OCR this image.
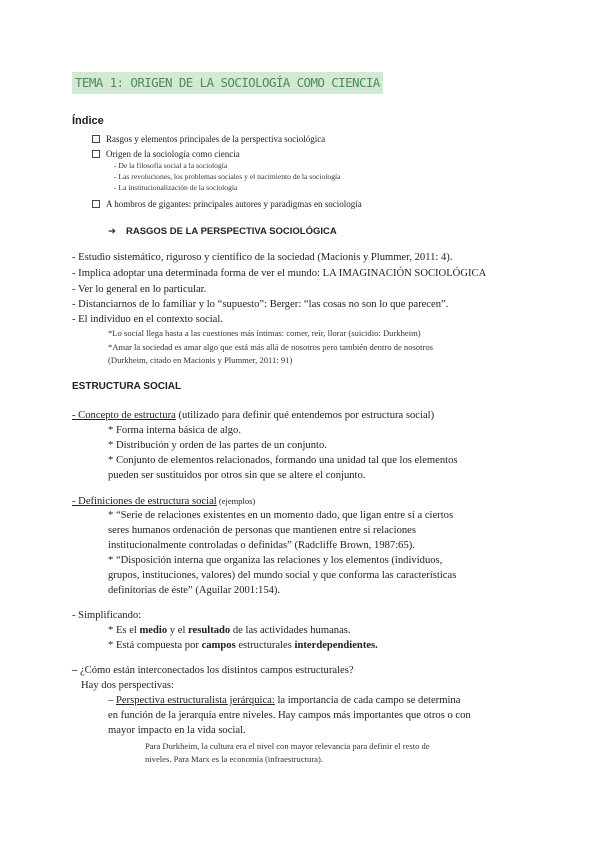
TEMA 1: ORIGEN DE LA SOCIOLOGÍA COMO CIENCIA
Índice
Rasgos y elementos principales de la perspectiva sociológica
Origen de la sociología como ciencia
- De la filosofía social a la sociología
- Las revoluciones, los problemas sociales y el nacimiento de la sociología
- La institucionalización de la sociología
A hombros de gigantes: principales autores y paradigmas en sociología
➔ RASGOS DE LA PERSPECTIVA SOCIOLÓGICA
- Estudio sistemático, riguroso y científico de la sociedad (Macionis y Plummer, 2011: 4).
- Implica adoptar una determinada forma de ver el mundo: LA IMAGINACIÓN SOCIOLÓGICA
- Ver lo general en lo particular.
- Distanciarnos de lo familiar y lo “supuesto”: Berger: “las cosas no son lo que parecen”.
- El individuo en el contexto social.
*Lo social llega hasta a las cuestiones más íntimas: comer, reír, llorar (suicidio: Durkheim)
*Amar la sociedad es amar algo que está más allá de nosotros pero también dentro de nosotros
(Durkheim, citado en Macionis y Plummer, 2011: 91)
ESTRUCTURA SOCIAL
- Concepto de estructura (utilizado para definir qué entendemos por estructura social)
* Forma interna básica de algo.
* Distribución y orden de las partes de un conjunto.
* Conjunto de elementos relacionados, formando una unidad tal que los elementos
pueden ser sustituidos por otros sin que se altere el conjunto.
- Definiciones de estructura social (ejemplos)
* “Serie de relaciones existentes en un momento dado, que ligan entre sí a ciertos
seres humanos ordenación de personas que mantienen entre sí relaciones
institucionalmente controladas o definidas” (Radcliffe Brown, 1987:65).
* “Disposición interna que organiza las relaciones y los elementos (individuos,
grupos, instituciones, valores) del mundo social y que conforma las características
definitorias de éste” (Aguilar 2001:154).
- Simplificando:
* Es el medio y el resultado de las actividades humanas.
* Está compuesta por campos estructurales interdependientes.
– ¿Cómo están interconectados los distintos campos estructurales?
Hay dos perspectivas:
– Perspectiva estructuralista jerárquica: la importancia de cada campo se determina
en función de la jerarquía entre niveles. Hay campos más importantes que otros o con
mayor impacto en la vida social.
Para Durkheim, la cultura era el nivel con mayor relevancia para definir el resto de
niveles. Para Marx es la economía (infraestructura).
